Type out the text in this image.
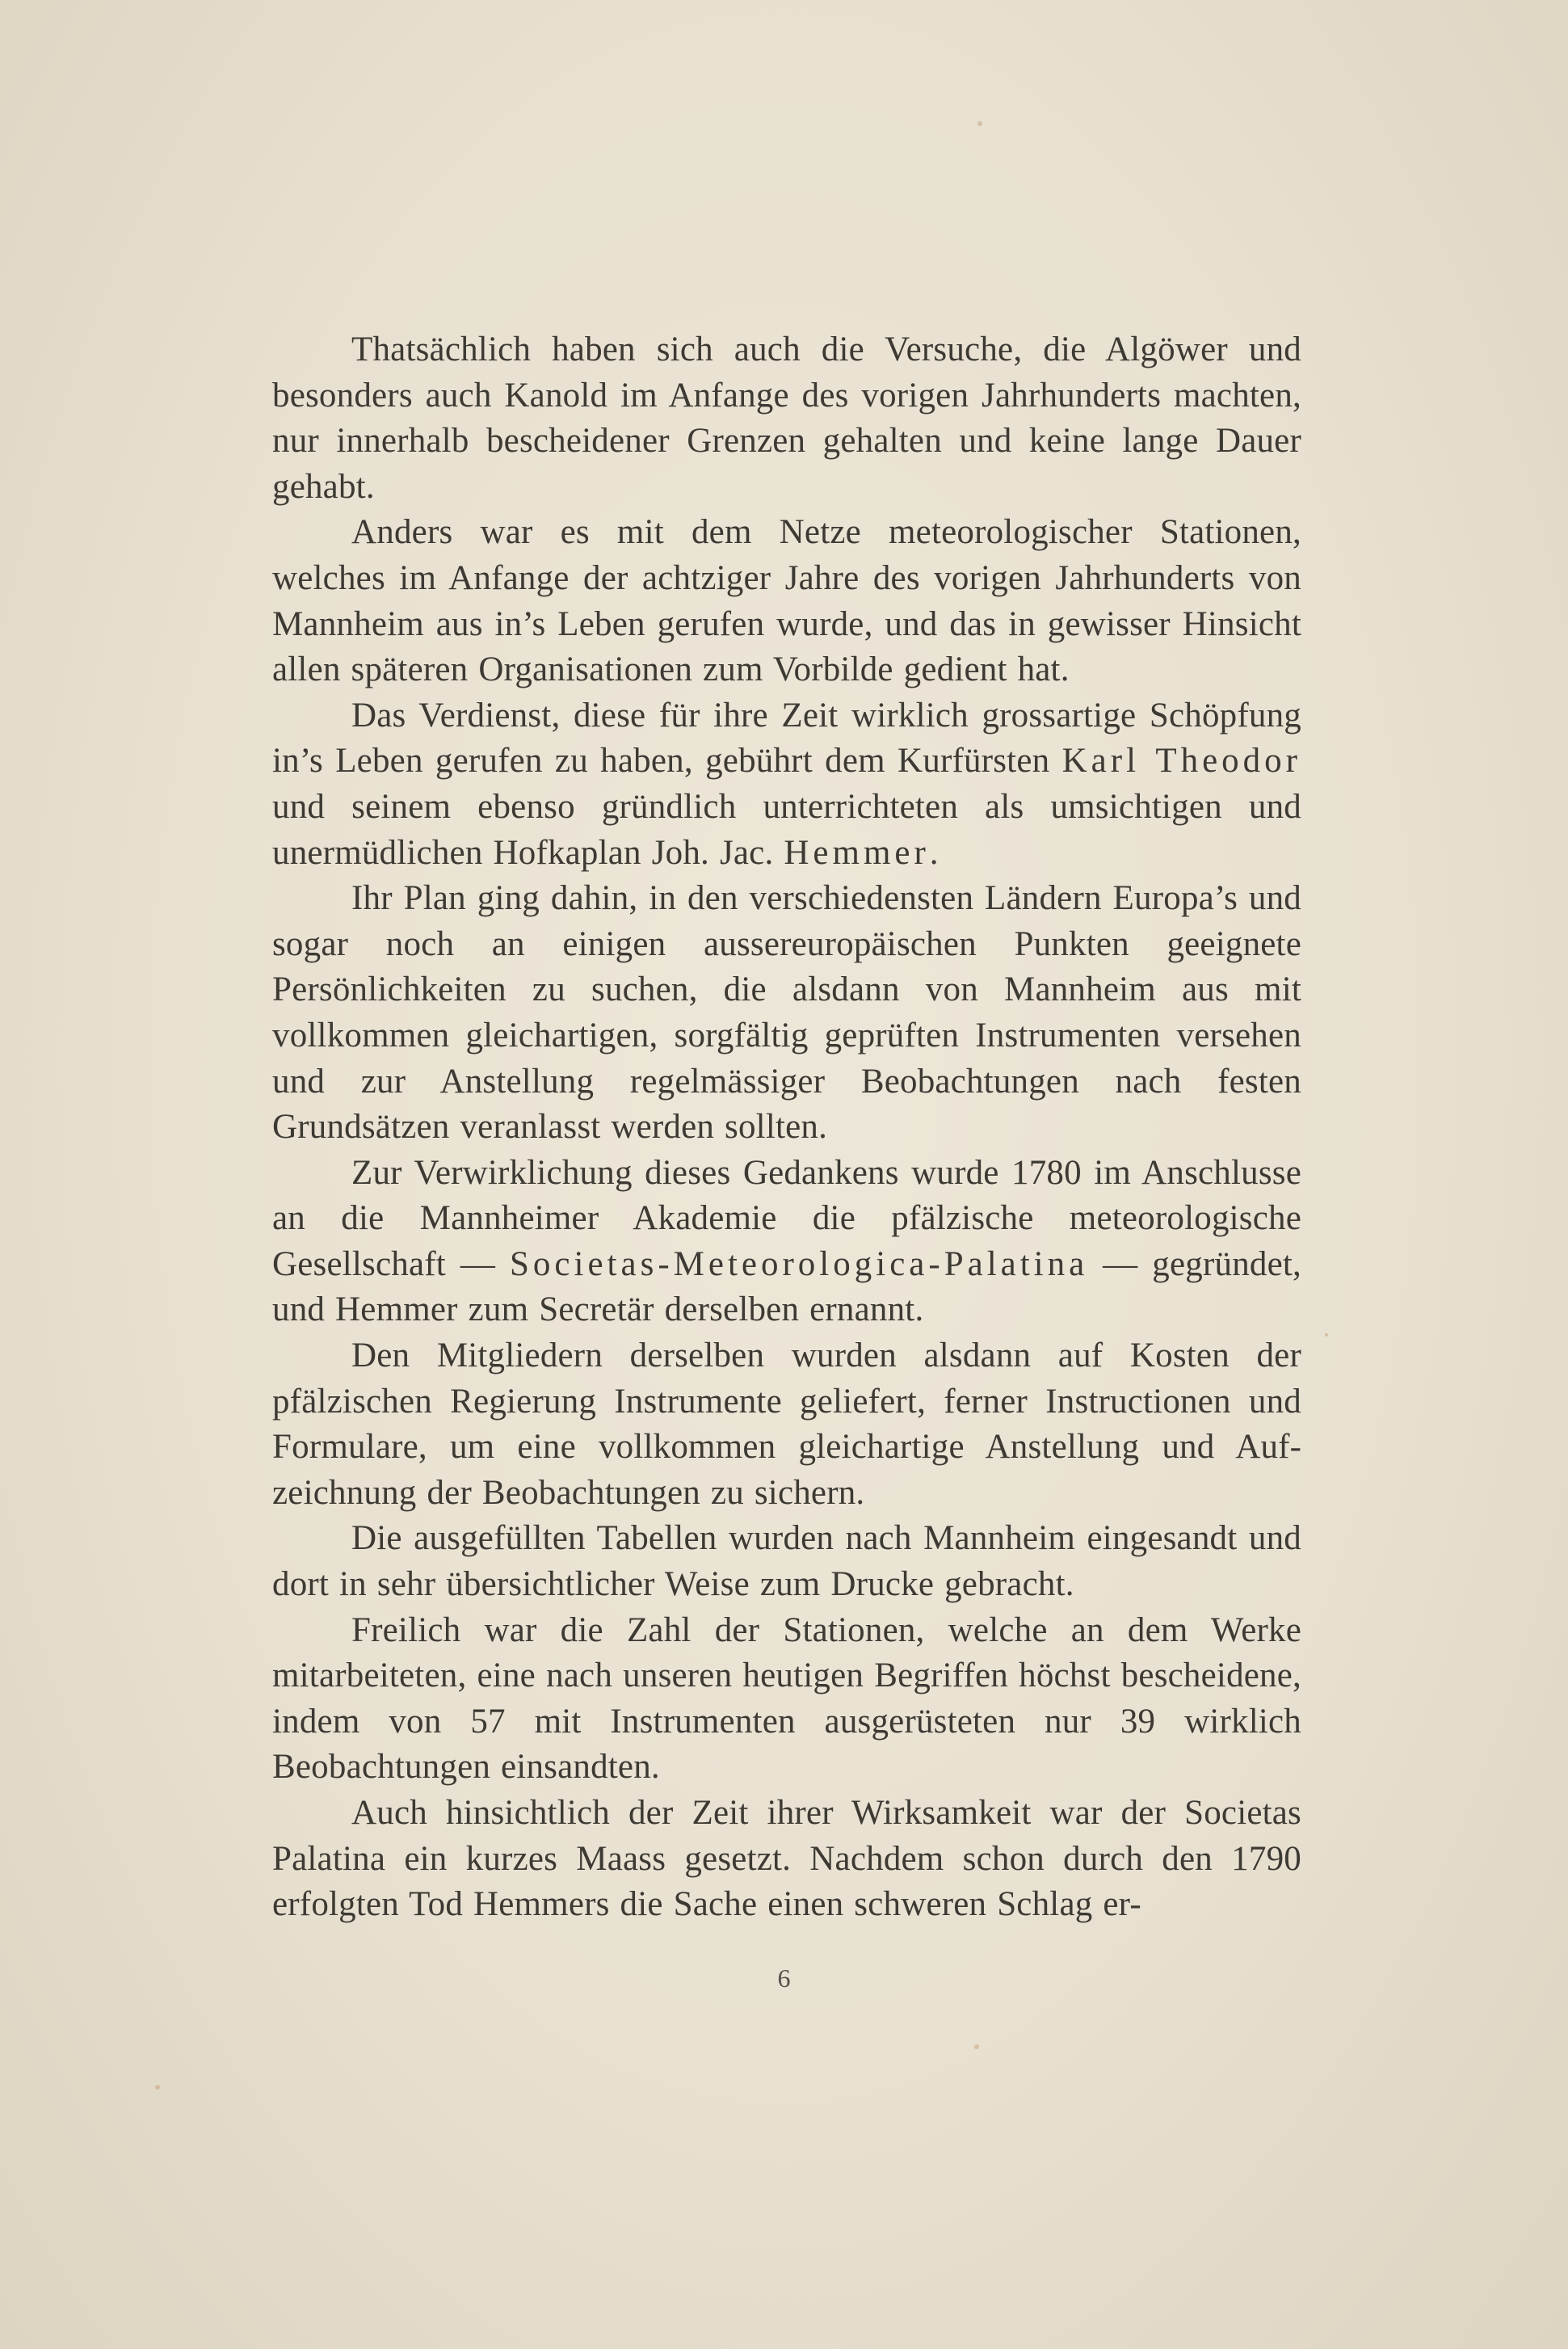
Thatsächlich haben sich auch die Versuche, die Algöwer und besonders auch Kanold im Anfange des vorigen Jahrhunderts machten, nur innerhalb bescheidener Grenzen gehalten und keine lange Dauer gehabt.

Anders war es mit dem Netze meteorologischer Stationen, welches im Anfange der achtziger Jahre des vorigen Jahrhunderts von Mannheim aus in’s Leben gerufen wurde, und das in gewisser Hinsicht allen späteren Organisationen zum Vorbilde gedient hat.

Das Verdienst, diese für ihre Zeit wirklich grossartige Schöpfung in’s Leben gerufen zu haben, gebührt dem Kurfürsten Karl Theodor und seinem ebenso gründlich unterrichteten als umsichtigen und unermüdlichen Hofkaplan Joh. Jac. Hemmer.

Ihr Plan ging dahin, in den verschiedensten Ländern Europa’s und sogar noch an einigen aussereuropäischen Punkten geeignete Persönlichkeiten zu suchen, die alsdann von Mannheim aus mit vollkommen gleichartigen, sorgfältig geprüften Instrumenten versehen und zur Anstellung regelmässiger Beobachtungen nach festen Grundsätzen veranlasst werden sollten.

Zur Verwirklichung dieses Gedankens wurde 1780 im Anschlusse an die Mannheimer Akademie die pfälzische meteorologische Gesellschaft — Societas-Meteorologica-Palatina — gegründet, und Hemmer zum Secretär derselben ernannt.

Den Mitgliedern derselben wurden alsdann auf Kosten der pfälzischen Regierung Instrumente geliefert, ferner Instructionen und Formulare, um eine vollkommen gleichartige Anstellung und Aufzeichnung der Beobachtungen zu sichern.

Die ausgefüllten Tabellen wurden nach Mannheim eingesandt und dort in sehr übersichtlicher Weise zum Drucke gebracht.

Freilich war die Zahl der Stationen, welche an dem Werke mitarbeiteten, eine nach unseren heutigen Begriffen höchst bescheidene, indem von 57 mit Instrumenten ausgerüsteten nur 39 wirklich Beobachtungen einsandten.

Auch hinsichtlich der Zeit ihrer Wirksamkeit war der Societas Palatina ein kurzes Maass gesetzt. Nachdem schon durch den 1790 erfolgten Tod Hemmers die Sache einen schweren Schlag er-

6
